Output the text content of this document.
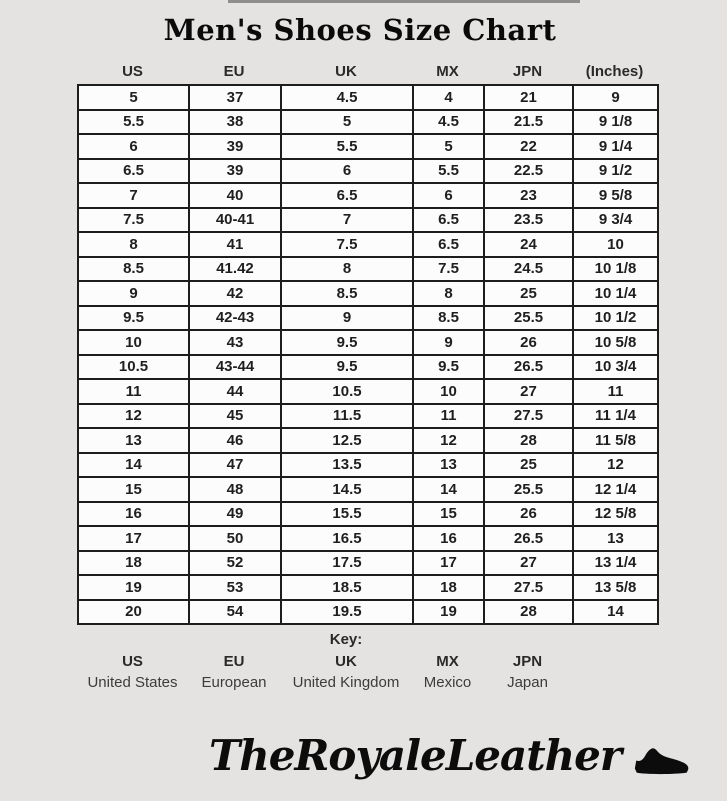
Men's Shoes Size Chart
US	EU	UK	MX	JPN	(Inches)
5	37	4.5	4	21	9
5.5	38	5	4.5	21.5	9 1/8
6	39	5.5	5	22	9 1/4
6.5	39	6	5.5	22.5	9 1/2
7	40	6.5	6	23	9 5/8
7.5	40-41	7	6.5	23.5	9 3/4
8	41	7.5	6.5	24	10
8.5	41.42	8	7.5	24.5	10 1/8
9	42	8.5	8	25	10 1/4
9.5	42-43	9	8.5	25.5	10 1/2
10	43	9.5	9	26	10 5/8
10.5	43-44	9.5	9.5	26.5	10 3/4
11	44	10.5	10	27	11
12	45	11.5	11	27.5	11 1/4
13	46	12.5	12	28	11 5/8
14	47	13.5	13	25	12
15	48	14.5	14	25.5	12 1/4
16	49	15.5	15	26	12 5/8
17	50	16.5	16	26.5	13
18	52	17.5	17	27	13 1/4
19	53	18.5	18	27.5	13 5/8
20	54	19.5	19	28	14
Key:
US
United States
EU
European
UK
United Kingdom
MX
Mexico
JPN
Japan
TheRoyaleLeather
